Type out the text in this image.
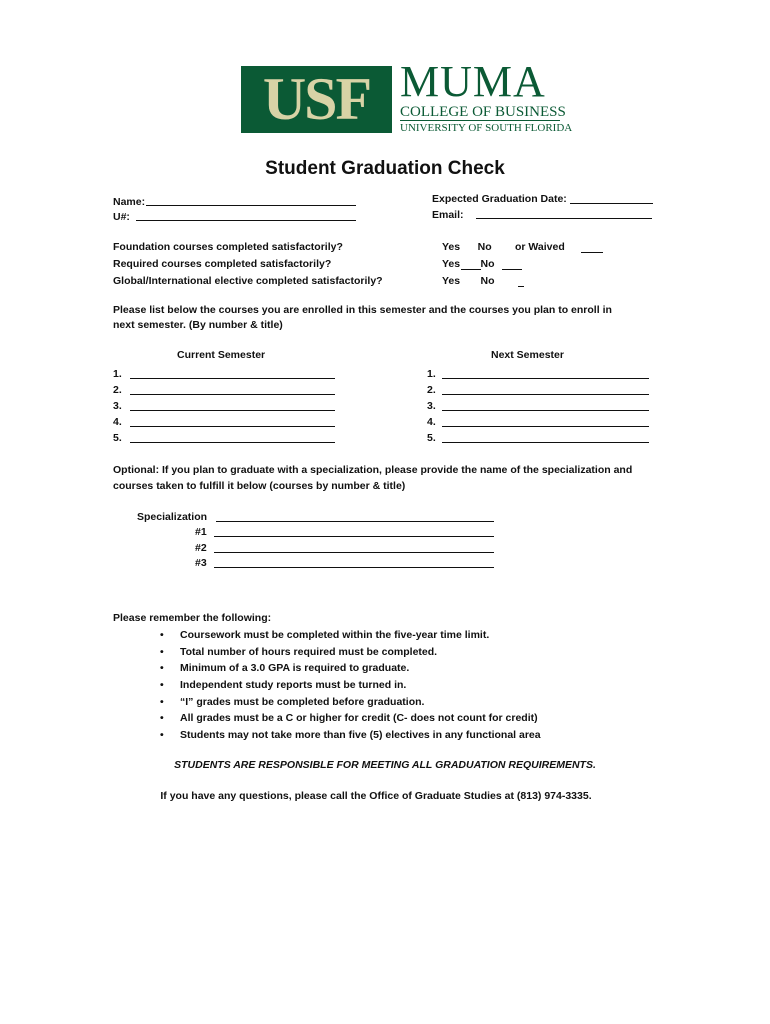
USF MUMA
COLLEGE OF BUSINESS
UNIVERSITY OF SOUTH FLORIDA
Student Graduation Check
Name:
U#:
Expected Graduation Date:
Email:
Foundation courses completed satisfactorily?
Required courses completed satisfactorily?
Global/International elective completed satisfactorily?
Yes      No        or Waived
Yes       No
Yes       No
Please list below the courses you are enrolled in this semester and the courses you plan to enroll in
next semester. (By number & title)
Current Semester	Next Semester
1.
2.
3.
4.
5.
1.
2.
3.
4.
5.
Optional: If you plan to graduate with a specialization, please provide the name of the specialization and
courses taken to fulfill it below (courses by number & title)
Specialization
#1
#2
#3
Please remember the following:
• Coursework must be completed within the five-year time limit.
• Total number of hours required must be completed.
• Minimum of a 3.0 GPA is required to graduate.
• Independent study reports must be turned in.
• “I” grades must be completed before graduation.
• All grades must be a C or higher for credit (C- does not count for credit)
• Students may not take more than five (5) electives in any functional area
STUDENTS ARE RESPONSIBLE FOR MEETING ALL GRADUATION REQUIREMENTS.
If you have any questions, please call the Office of Graduate Studies at (813) 974-3335.
